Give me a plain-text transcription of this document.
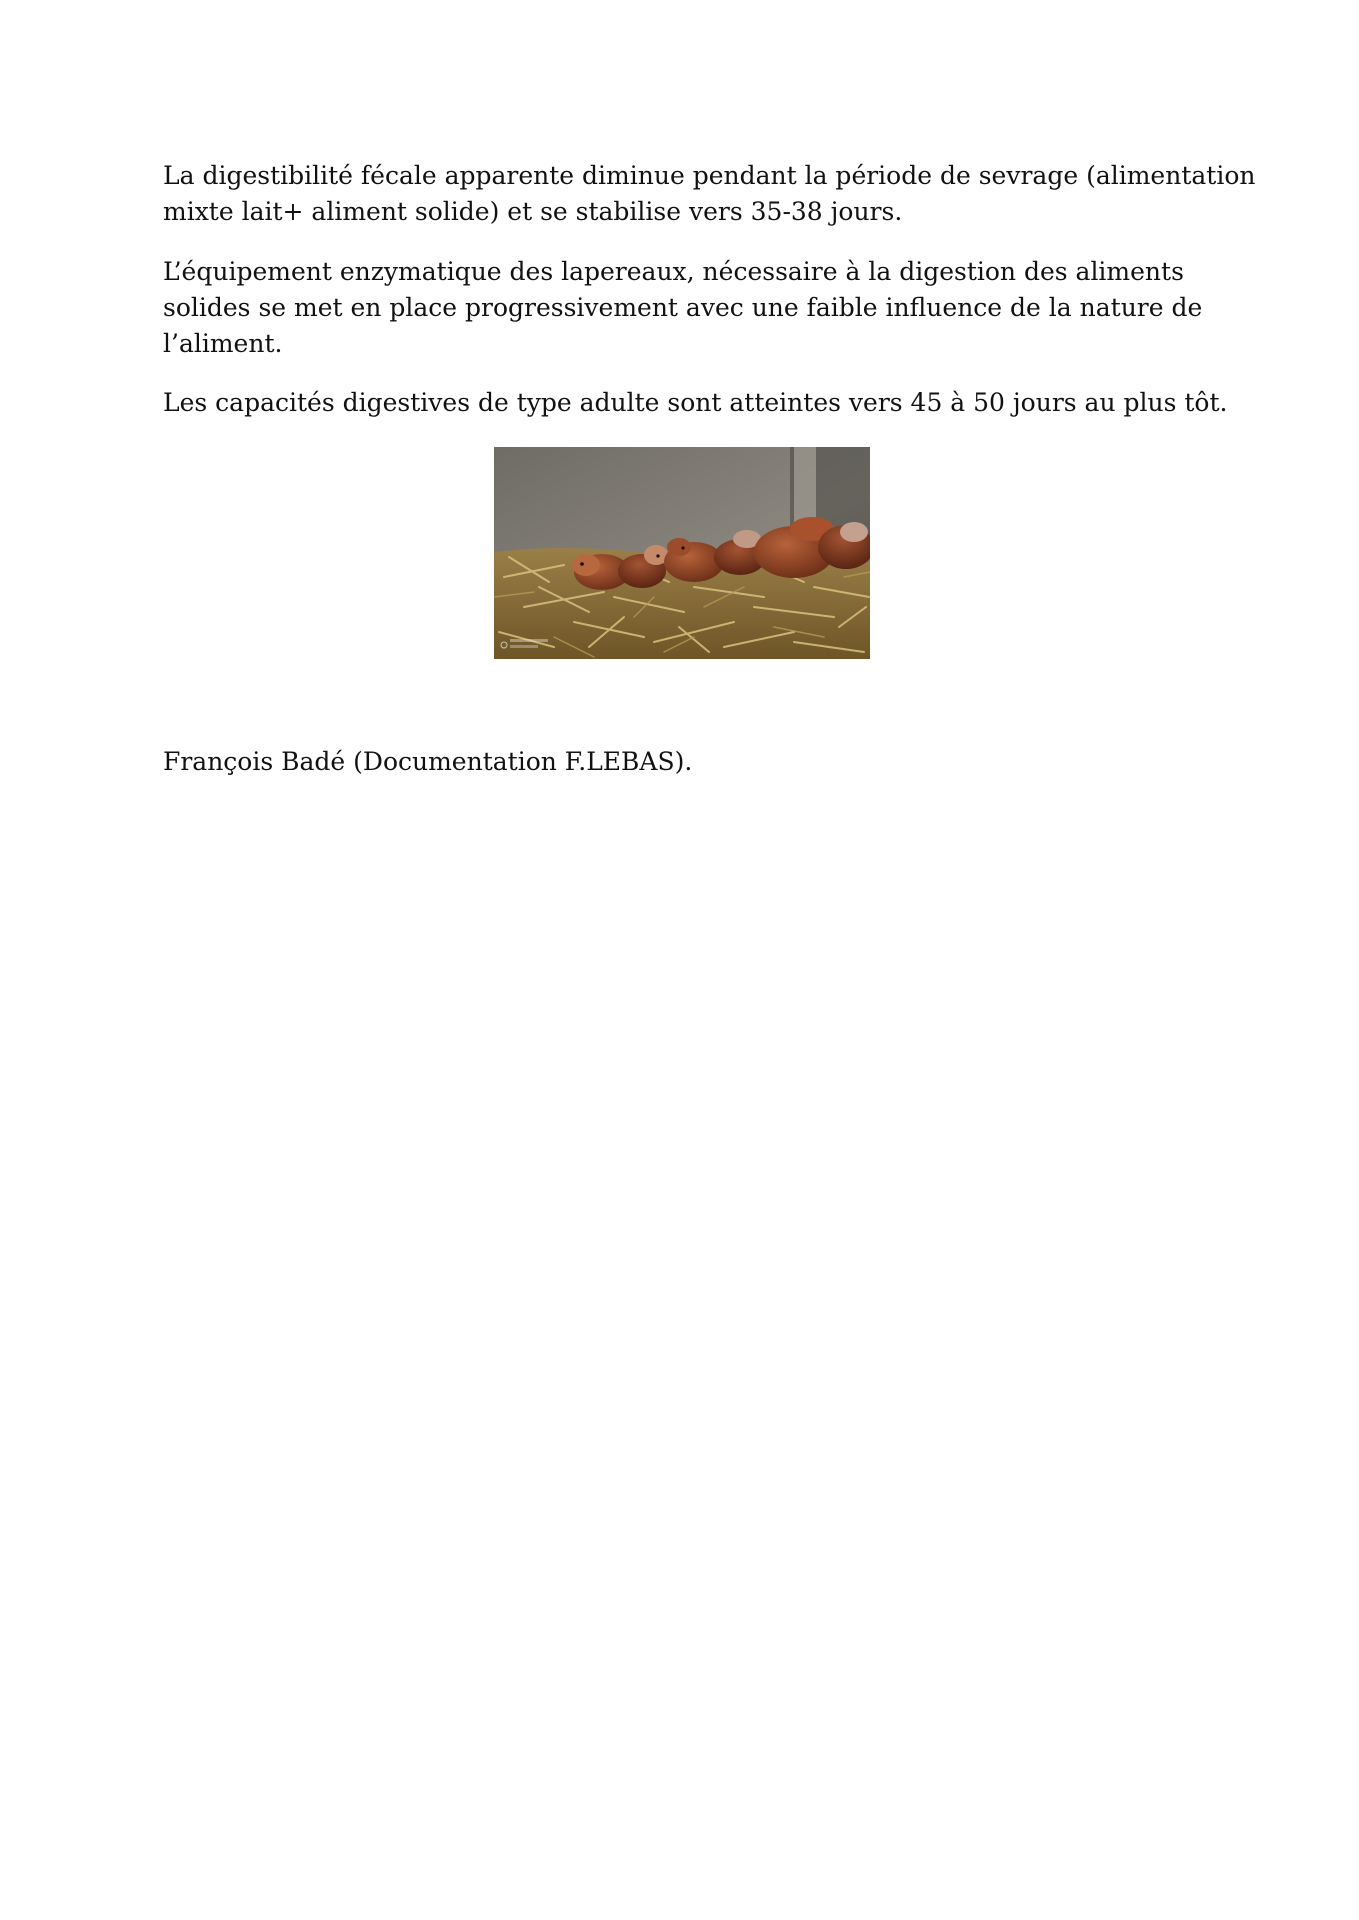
La digestibilité fécale apparente diminue pendant la période de sevrage (alimentation
mixte lait+ aliment solide) et se stabilise vers 35-38 jours.

L’équipement enzymatique des lapereaux, nécessaire à la digestion des aliments
solides se met en place progressivement avec une faible influence de la nature de
l’aliment.

Les capacités digestives de type adulte sont atteintes vers 45 à 50 jours au plus tôt.

François Badé (Documentation F.LEBAS).
